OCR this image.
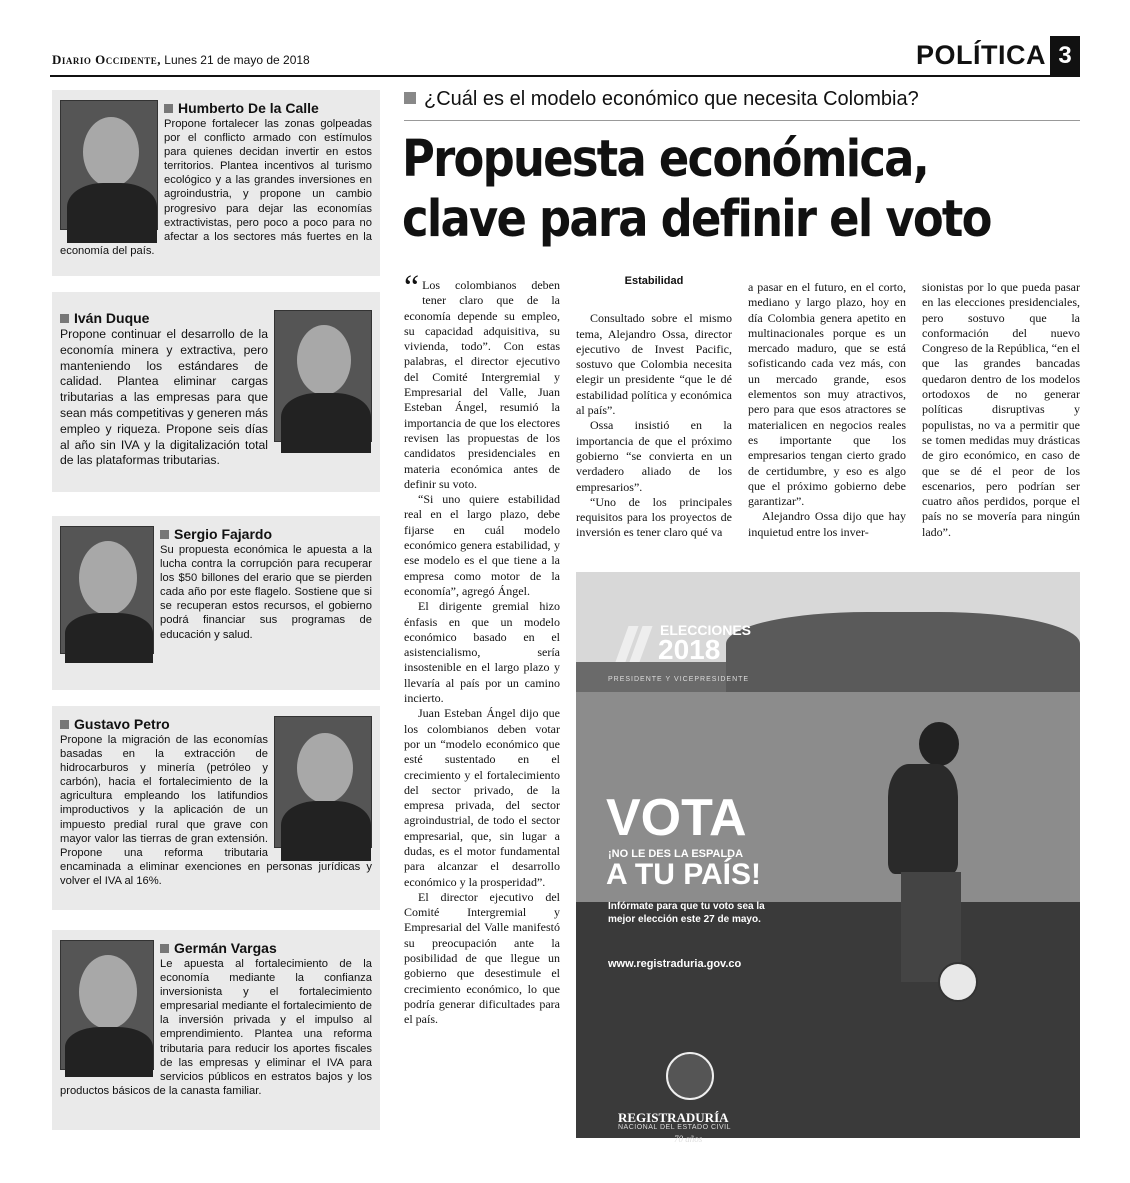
Diario Occidente, Lunes 21 de mayo de 2018	POLÍTICA 3
Humberto De la Calle

Propone fortalecer las zonas golpeadas por el conflicto armado con estímulos para quienes decidan invertir en estos territorios. Plantea incentivos al turismo ecológico y a las grandes inversiones en agroindustria, y propone un cambio progresivo para dejar las economías extractivistas, pero poco a poco para no afectar a los sectores más fuertes en la economía del país.

Iván Duque

Propone continuar el desarrollo de la economía minera y extractiva, pero manteniendo los estándares de calidad. Plantea eliminar cargas tributarias a las empresas para que sean más competitivas y generen más empleo y riqueza. Propone seis días al año sin IVA y la digitalización total de las plataformas tributarias.

Sergio Fajardo

Su propuesta económica le apuesta a la lucha contra la corrupción para recuperar los $50 billones del erario que se pierden cada año por este flagelo. Sostiene que si se recuperan estos recursos, el gobierno podrá financiar sus programas de educación y salud.

Gustavo Petro

Propone la migración de las economías basadas en la extracción de hidrocarburos y minería (petróleo y carbón), hacia el fortalecimiento de la agricultura empleando los latifundios improductivos y la aplicación de un impuesto predial rural que grave con mayor valor las tierras de gran extensión. Propone una reforma tributaria encaminada a eliminar exenciones en personas jurídicas y volver el IVA al 16%.

Germán Vargas

Le apuesta al fortalecimiento de la economía mediante la confianza inversionista y el fortalecimiento empresarial mediante el fortalecimiento de la inversión privada y el impulso al emprendimiento. Plantea una reforma tributaria para reducir los aportes fiscales de las empresas y eliminar el IVA para servicios públicos en estratos bajos y los productos básicos de la canasta familiar.

¿Cuál es el modelo económico que necesita Colombia?
Propuesta económica,
clave para definir el voto

“ Los colombianos deben tener claro que de la economía depende su empleo, su capacidad adquisitiva, su vivienda, todo”. Con estas palabras, el director ejecutivo del Comité Intergremial y Empresarial del Valle, Juan Esteban Ángel, resumió la importancia de que los electores revisen las propuestas de los candidatos presidenciales en materia económica antes de definir su voto.

“Si uno quiere estabilidad real en el largo plazo, debe fijarse en cuál modelo económico genera estabilidad, y ese modelo es el que tiene a la empresa como motor de la economía”, agregó Ángel.

El dirigente gremial hizo énfasis en que un modelo económico basado en el asistencialismo, sería insostenible en el largo plazo y llevaría al país por un camino incierto.

Juan Esteban Ángel dijo que los colombianos deben votar por un “modelo económico que esté sustentado en el crecimiento y el fortalecimiento del sector privado, de la empresa privada, del sector agroindustrial, de todo el sector empresarial, que, sin lugar a dudas, es el motor fundamental para alcanzar el desarrollo económico y la prosperidad”.

El director ejecutivo del Comité Intergremial y Empresarial del Valle manifestó su preocupación ante la posibilidad de que llegue un gobierno que desestimule el crecimiento económico, lo que podría generar dificultades para el país.

Estabilidad

Consultado sobre el mismo tema, Alejandro Ossa, director ejecutivo de Invest Pacific, sostuvo que Colombia necesita elegir un presidente “que le dé estabilidad política y económica al país”.

Ossa insistió en la importancia de que el próximo gobierno “se convierta en un verdadero aliado de los empresarios”.

“Uno de los principales requisitos para los proyectos de inversión es tener claro qué va

a pasar en el futuro, en el corto, mediano y largo plazo, hoy en día Colombia genera apetito en multinacionales porque es un mercado maduro, que se está sofisticando cada vez más, con un mercado grande, esos elementos son muy atractivos, pero para que esos atractores se materialicen en negocios reales es importante que los empresarios tengan cierto grado de certidumbre, y eso es algo que el próximo gobierno debe garantizar”.

Alejandro Ossa dijo que hay inquietud entre los inver-

sionistas por lo que pueda pasar en las elecciones presidenciales, pero sostuvo que la conformación del nuevo Congreso de la República, “en el que las grandes bancadas quedaron dentro de los modelos ortodoxos de no generar políticas disruptivas y populistas, no va a permitir que se tomen medidas muy drásticas de giro económico, en caso de que se dé el peor de los escenarios, pero podrían ser cuatro años perdidos, porque el país no se movería para ningún lado”.

ELECCIONES
2018
PRESIDENTE Y VICEPRESIDENTE
VOTA
¡NO LE DES LA ESPALDA
A TU PAÍS!
Infórmate para que tu voto sea la mejor elección este 27 de mayo.
www.registraduria.gov.co
REGISTRADURÍA
NACIONAL DEL ESTADO CIVIL
70 años
